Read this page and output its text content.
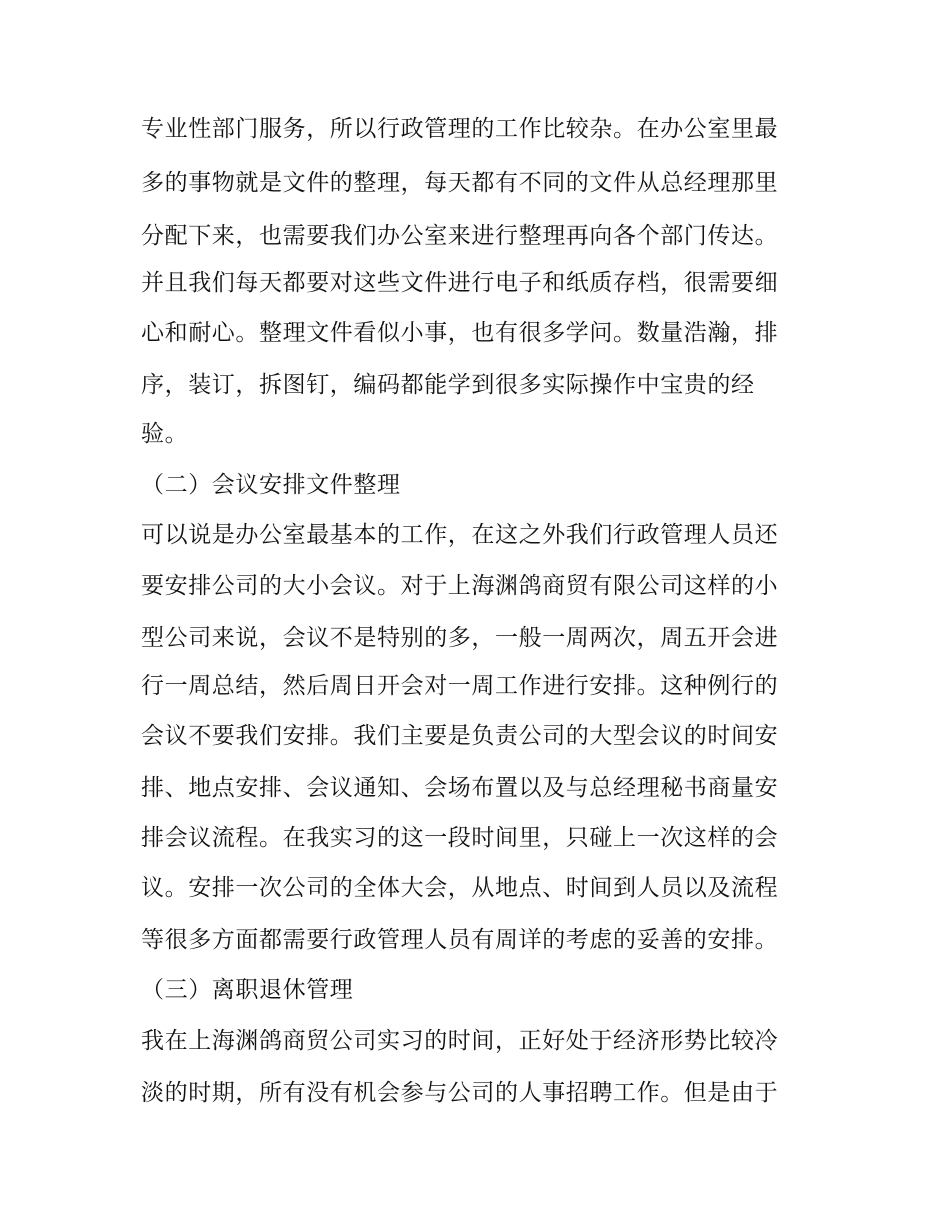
专业性部门服务，所以行政管理的工作比较杂。在办公室里最
多的事物就是文件的整理，每天都有不同的文件从总经理那里
分配下来，也需要我们办公室来进行整理再向各个部门传达。
并且我们每天都要对这些文件进行电子和纸质存档，很需要细
心和耐心。整理文件看似小事，也有很多学问。数量浩瀚，排
序，装订，拆图钉，编码都能学到很多实际操作中宝贵的经
验。
（二）会议安排文件整理
可以说是办公室最基本的工作，在这之外我们行政管理人员还
要安排公司的大小会议。对于上海渊鸽商贸有限公司这样的小
型公司来说，会议不是特别的多，一般一周两次，周五开会进
行一周总结，然后周日开会对一周工作进行安排。这种例行的
会议不要我们安排。我们主要是负责公司的大型会议的时间安
排、地点安排、会议通知、会场布置以及与总经理秘书商量安
排会议流程。在我实习的这一段时间里，只碰上一次这样的会
议。安排一次公司的全体大会，从地点、时间到人员以及流程
等很多方面都需要行政管理人员有周详的考虑的妥善的安排。
（三）离职退休管理
我在上海渊鸽商贸公司实习的时间，正好处于经济形势比较冷
淡的时期，所有没有机会参与公司的人事招聘工作。但是由于
